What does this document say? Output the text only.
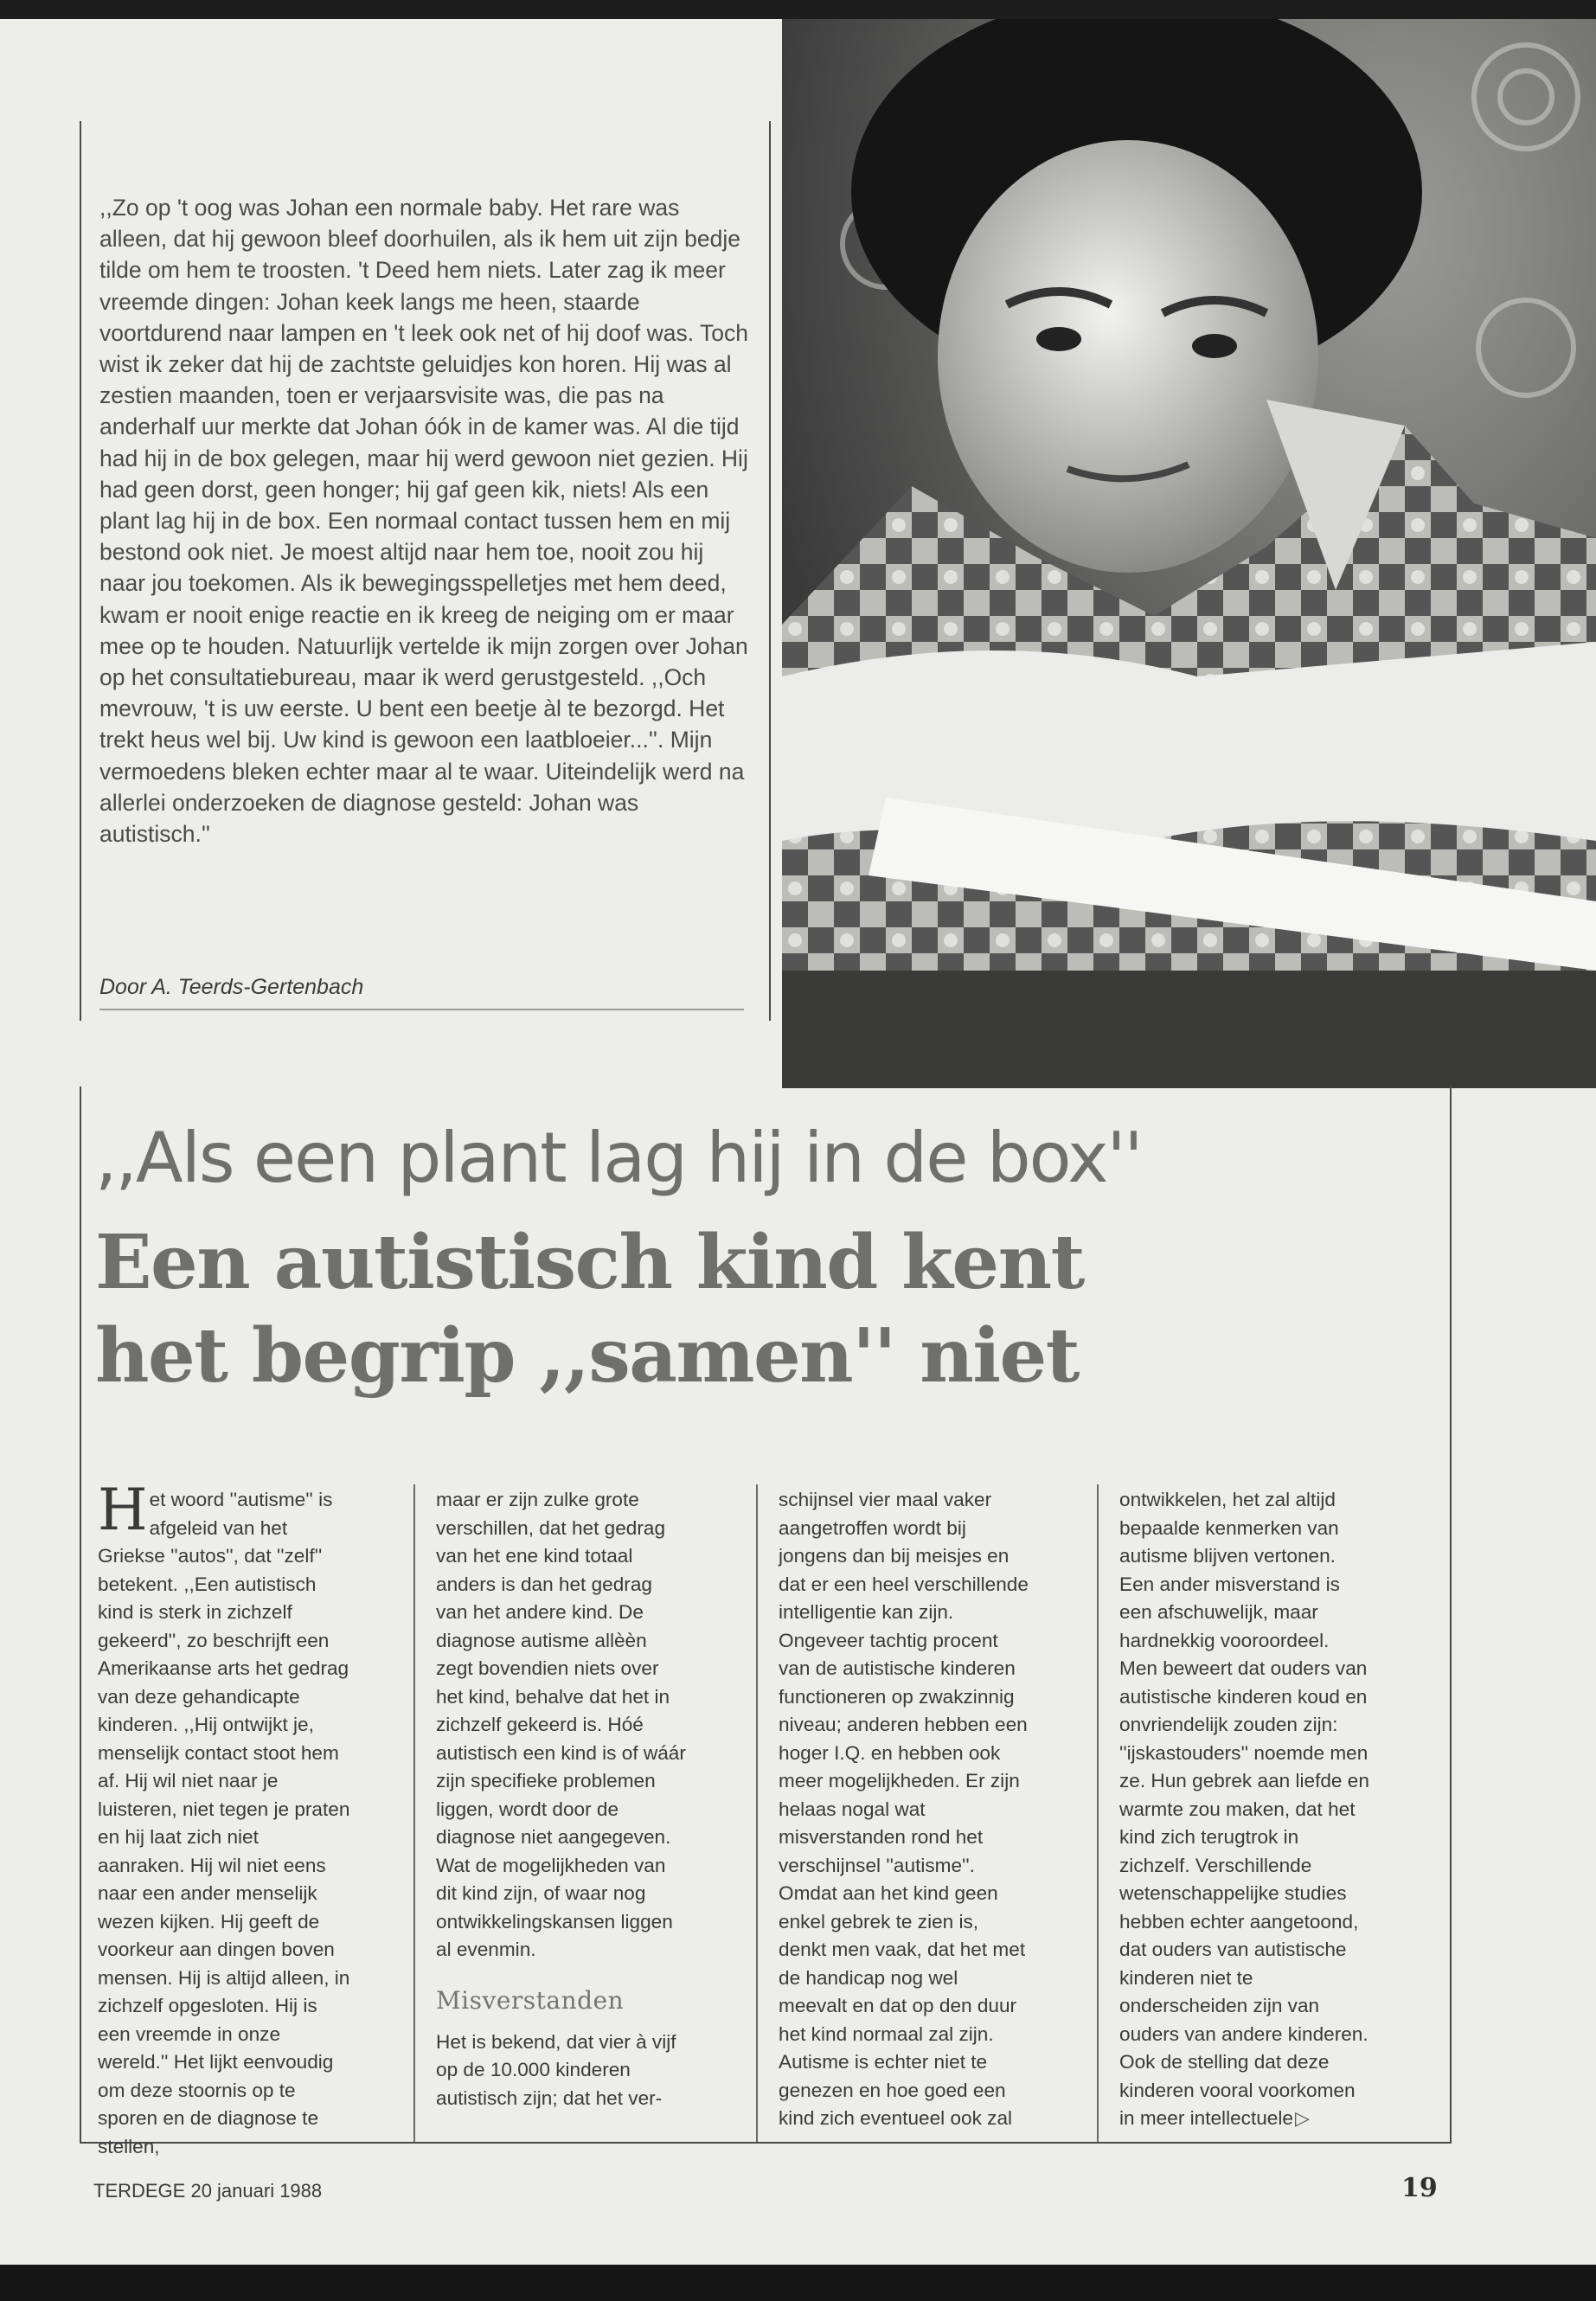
,,Zo op 't oog was Johan een normale baby. Het rare was alleen, dat hij gewoon bleef doorhuilen, als ik hem uit zijn bedje tilde om hem te troosten. 't Deed hem niets. Later zag ik meer vreemde dingen: Johan keek langs me heen, staarde voortdurend naar lampen en 't leek ook net of hij doof was. Toch wist ik zeker dat hij de zachtste geluidjes kon horen. Hij was al zestien maanden, toen er verjaarsvisite was, die pas na anderhalf uur merkte dat Johan óók in de kamer was. Al die tijd had hij in de box gelegen, maar hij werd gewoon niet gezien. Hij had geen dorst, geen honger; hij gaf geen kik, niets! Als een plant lag hij in de box. Een normaal contact tussen hem en mij bestond ook niet. Je moest altijd naar hem toe, nooit zou hij naar jou toekomen. Als ik bewegingsspelletjes met hem deed, kwam er nooit enige reactie en ik kreeg de neiging om er maar mee op te houden. Natuurlijk vertelde ik mijn zorgen over Johan op het consultatiebureau, maar ik werd gerustgesteld. ,,Och mevrouw, 't is uw eerste. U bent een beetje àl te bezorgd. Het trekt heus wel bij. Uw kind is gewoon een laatbloeier...''. Mijn vermoedens bleken echter maar al te waar. Uiteindelijk werd na allerlei onderzoeken de diagnose gesteld: Johan was autistisch.''

Door A. Teerds-Gertenbach
,,Als een plant lag hij in de box''
Een autistisch kind kent
het begrip ,,samen'' niet

Het woord ''autisme'' is afgeleid van het Griekse ''autos'', dat ''zelf'' betekent. ,,Een autistisch kind is sterk in zichzelf gekeerd'', zo beschrijft een Amerikaanse arts het gedrag van deze gehandicapte kinderen. ,,Hij ontwijkt je, menselijk contact stoot hem af. Hij wil niet naar je luisteren, niet tegen je praten en hij laat zich niet aanraken. Hij wil niet eens naar een ander menselijk wezen kijken. Hij geeft de voorkeur aan dingen boven mensen. Hij is altijd alleen, in zichzelf opgesloten. Hij is een vreemde in onze wereld.'' Het lijkt eenvoudig om deze stoornis op te sporen en de diagnose te stellen,

maar er zijn zulke grote verschillen, dat het gedrag van het ene kind totaal anders is dan het gedrag van het andere kind. De diagnose autisme allèèn zegt bovendien niets over het kind, behalve dat het in zichzelf gekeerd is. Hóé autistisch een kind is of wáár zijn specifieke problemen liggen, wordt door de diagnose niet aangegeven. Wat de mogelijkheden van dit kind zijn, of waar nog ontwikkelingskansen liggen al evenmin.

Misverstanden

Het is bekend, dat vier à vijf op de 10.000 kinderen autistisch zijn; dat het ver-

schijnsel vier maal vaker aangetroffen wordt bij jongens dan bij meisjes en dat er een heel verschillende intelligentie kan zijn. Ongeveer tachtig procent van de autistische kinderen functioneren op zwakzinnig niveau; anderen hebben een hoger I.Q. en hebben ook meer mogelijkheden. Er zijn helaas nogal wat misverstanden rond het verschijnsel ''autisme''. Omdat aan het kind geen enkel gebrek te zien is, denkt men vaak, dat het met de handicap nog wel meevalt en dat op den duur het kind normaal zal zijn. Autisme is echter niet te genezen en hoe goed een kind zich eventueel ook zal

ontwikkelen, het zal altijd bepaalde kenmerken van autisme blijven vertonen. Een ander misverstand is een afschuwelijk, maar hardnekkig vooroordeel. Men beweert dat ouders van autistische kinderen koud en onvriendelijk zouden zijn: ''ijskastouders'' noemde men ze. Hun gebrek aan liefde en warmte zou maken, dat het kind zich terugtrok in zichzelf. Verschillende wetenschappelijke studies hebben echter aangetoond, dat ouders van autistische kinderen niet te onderscheiden zijn van ouders van andere kinderen. Ook de stelling dat deze kinderen vooral voorkomen in meer intellectuele▷

TERDEGE 20 januari 1988	19
